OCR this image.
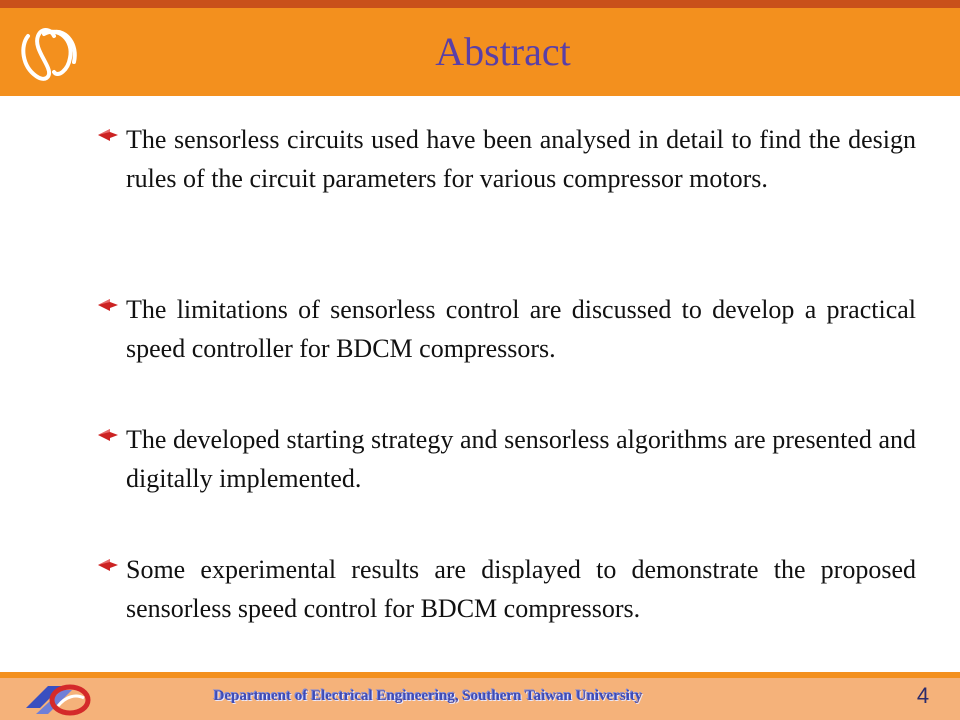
Abstract
The sensorless circuits used have been analysed in detail to find the design rules of the circuit parameters for various compressor motors.
The limitations of sensorless control are discussed to develop a practical speed controller for BDCM compressors.
The developed starting strategy and sensorless algorithms are presented and digitally implemented.
Some experimental results are displayed to demonstrate the proposed sensorless speed control for BDCM compressors.
Department of Electrical Engineering, Southern Taiwan University	4
